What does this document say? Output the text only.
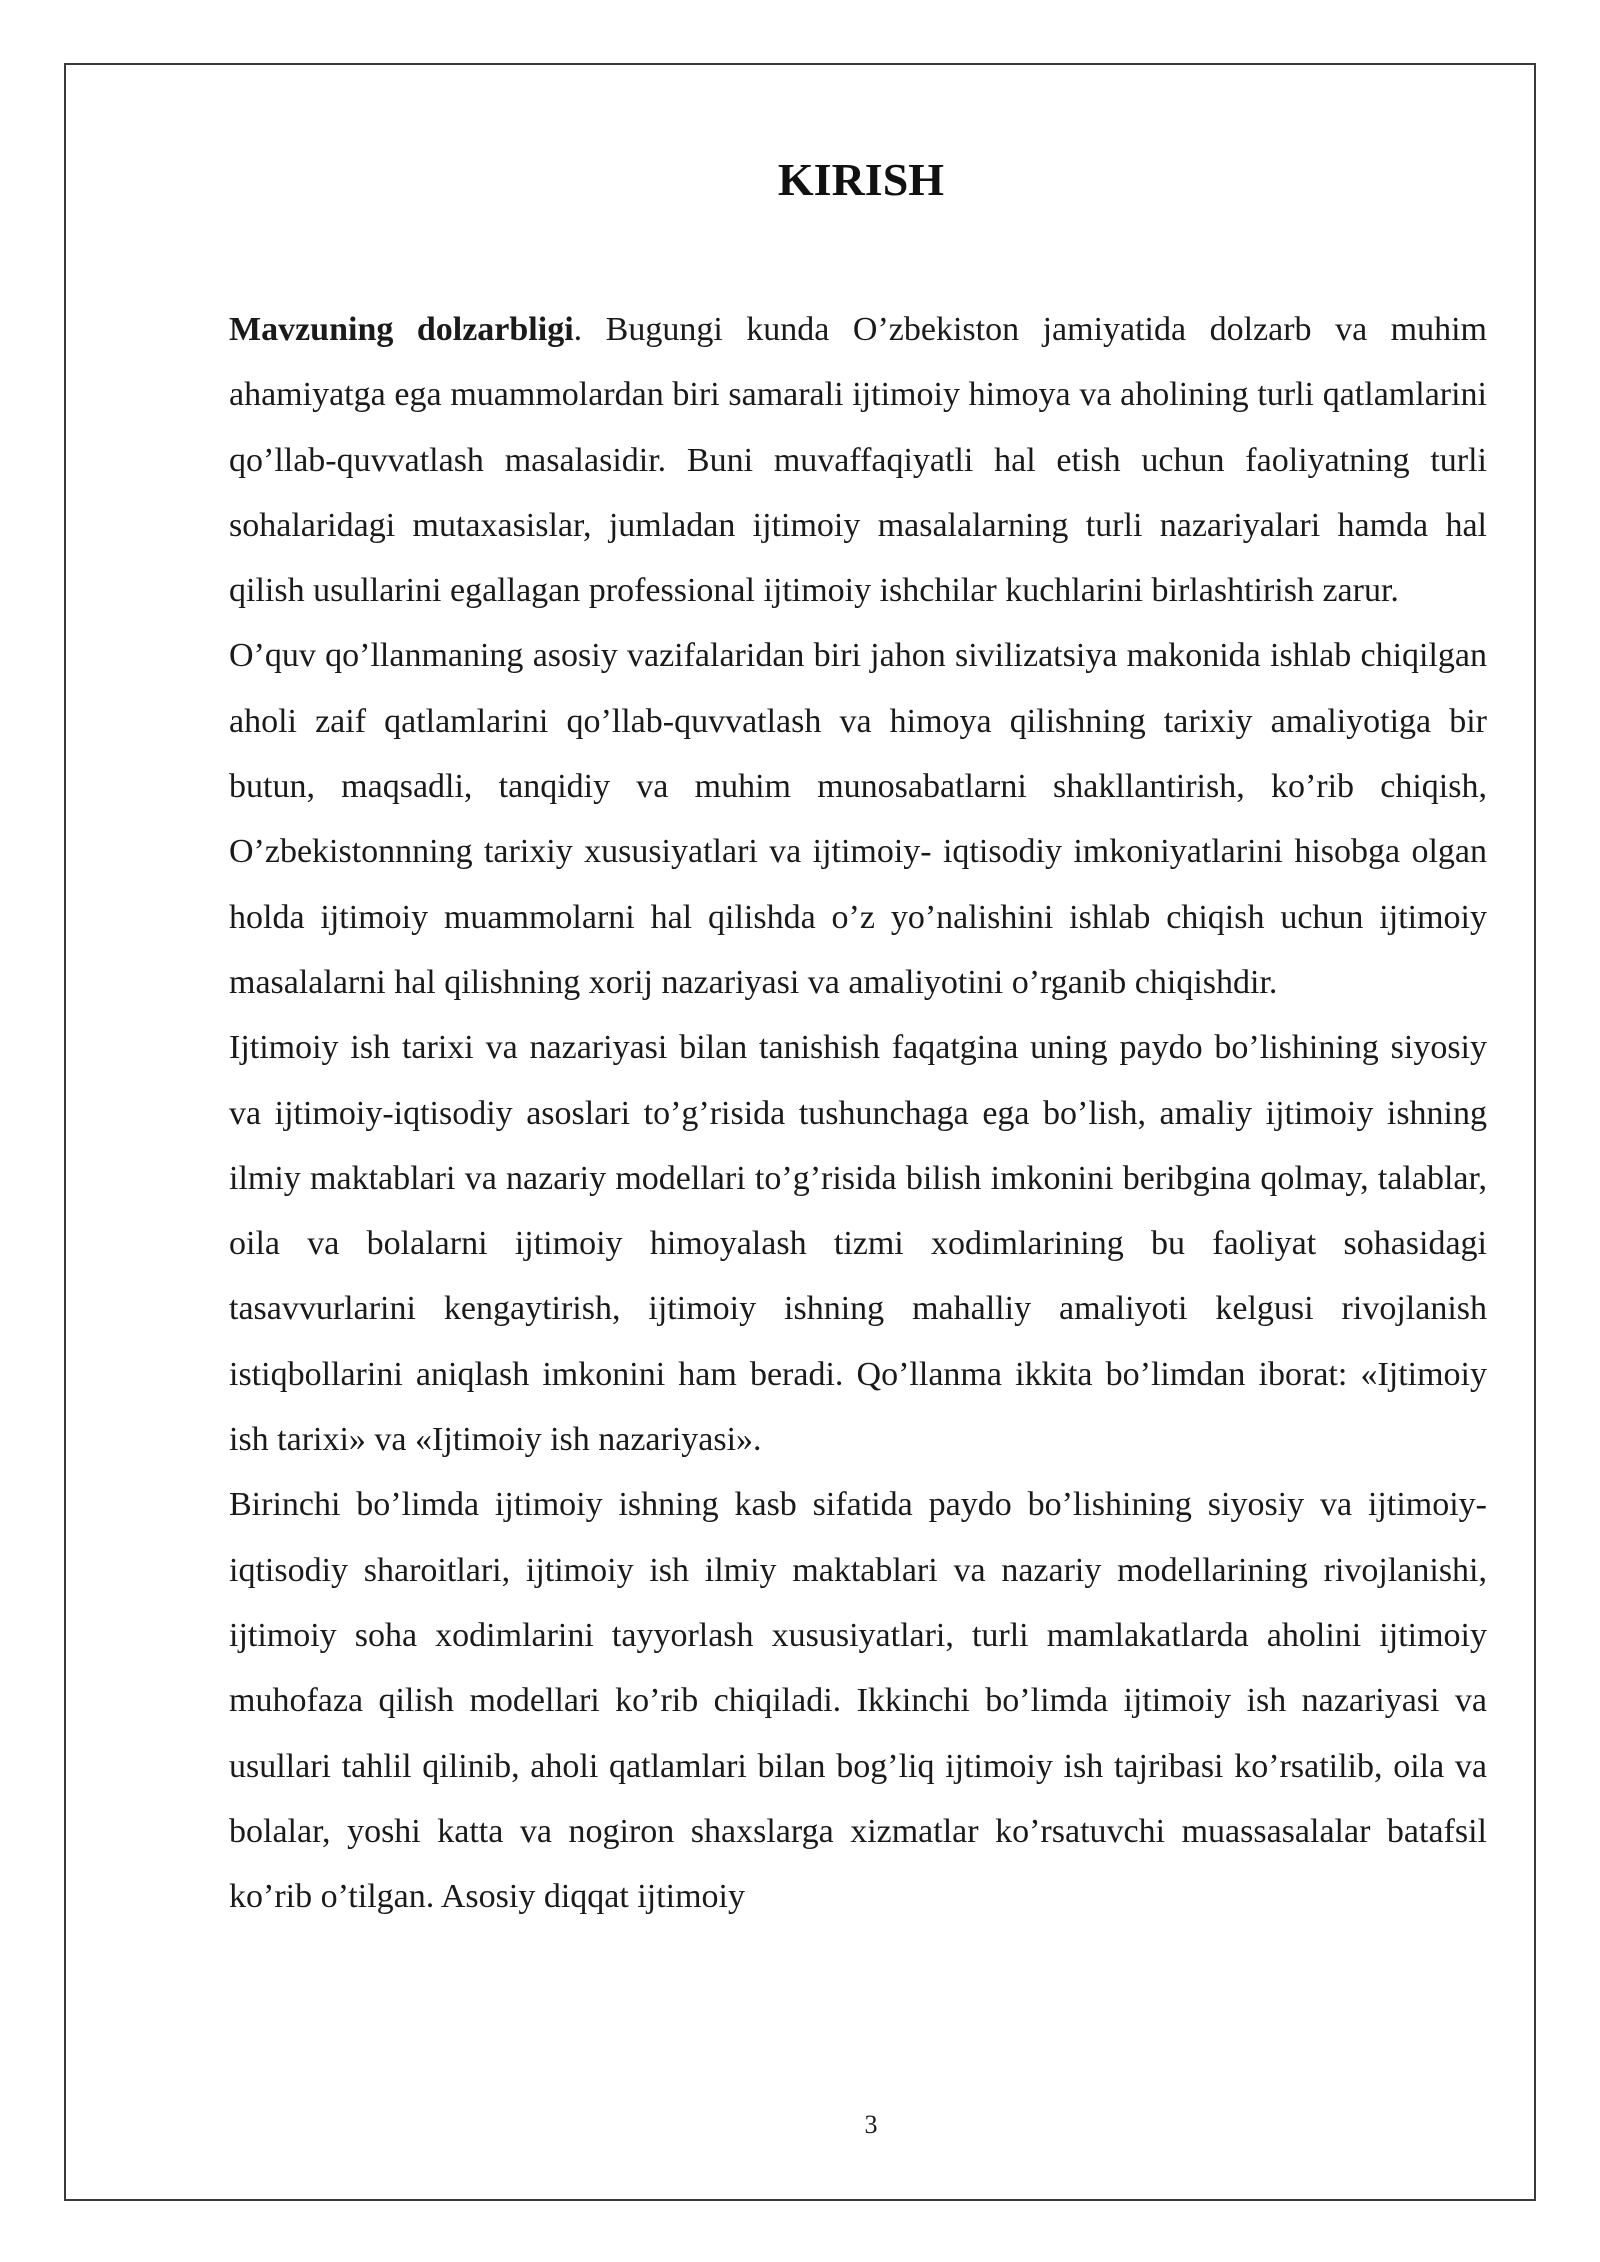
KIRISH

Mavzuning dolzarbligi. Bugungi kunda O’zbekiston jamiyatida dolzarb va muhim ahamiyatga ega muammolardan biri samarali ijtimoiy himoya va aholining turli qatlamlarini qo’llab-quvvatlash masalasidir. Buni muvaffaqiyatli hal etish uchun faoliyatning turli sohalaridagi mutaxasislar, jumladan ijtimoiy masalalarning turli nazariyalari hamda hal qilish usullarini egallagan professional ijtimoiy ishchilar kuchlarini birlashtirish zarur.

O’quv qo’llanmaning asosiy vazifalaridan biri jahon sivilizatsiya makonida ishlab chiqilgan aholi zaif qatlamlarini qo’llab-quvvatlash va himoya qilishning tarixiy amaliyotiga bir butun, maqsadli, tanqidiy va muhim munosabatlarni shakllantirish, ko’rib chiqish, O’zbekistonnning tarixiy xususiyatlari va ijtimoiy- iqtisodiy imkoniyatlarini hisobga olgan holda ijtimoiy muammolarni hal qilishda o’z yo’nalishini ishlab chiqish uchun ijtimoiy masalalarni hal qilishning xorij nazariyasi va amaliyotini o’rganib chiqishdir.

Ijtimoiy ish tarixi va nazariyasi bilan tanishish faqatgina uning paydo bo’lishining siyosiy va ijtimoiy-iqtisodiy asoslari to’g’risida tushunchaga ega bo’lish, amaliy ijtimoiy ishning ilmiy maktablari va nazariy modellari to’g’risida bilish imkonini beribgina qolmay, talablar, oila va bolalarni ijtimoiy himoyalash tizmi xodimlarining bu faoliyat sohasidagi tasavvurlarini kengaytirish, ijtimoiy ishning mahalliy amaliyoti kelgusi rivojlanish istiqbollarini aniqlash imkonini ham beradi. Qo’llanma ikkita bo’limdan iborat: «Ijtimoiy ish tarixi» va «Ijtimoiy ish nazariyasi».

Birinchi bo’limda ijtimoiy ishning kasb sifatida paydo bo’lishining siyosiy va ijtimoiy-iqtisodiy sharoitlari, ijtimoiy ish ilmiy maktablari va nazariy modellarining rivojlanishi, ijtimoiy soha xodimlarini tayyorlash xususiyatlari, turli mamlakatlarda aholini ijtimoiy muhofaza qilish modellari ko’rib chiqiladi. Ikkinchi bo’limda ijtimoiy ish nazariyasi va usullari tahlil qilinib, aholi qatlamlari bilan bog’liq ijtimoiy ish tajribasi ko’rsatilib, oila va bolalar, yoshi katta va nogiron shaxslarga xizmatlar ko’rsatuvchi muassasalalar batafsil ko’rib o’tilgan. Asosiy diqqat ijtimoiy

3
